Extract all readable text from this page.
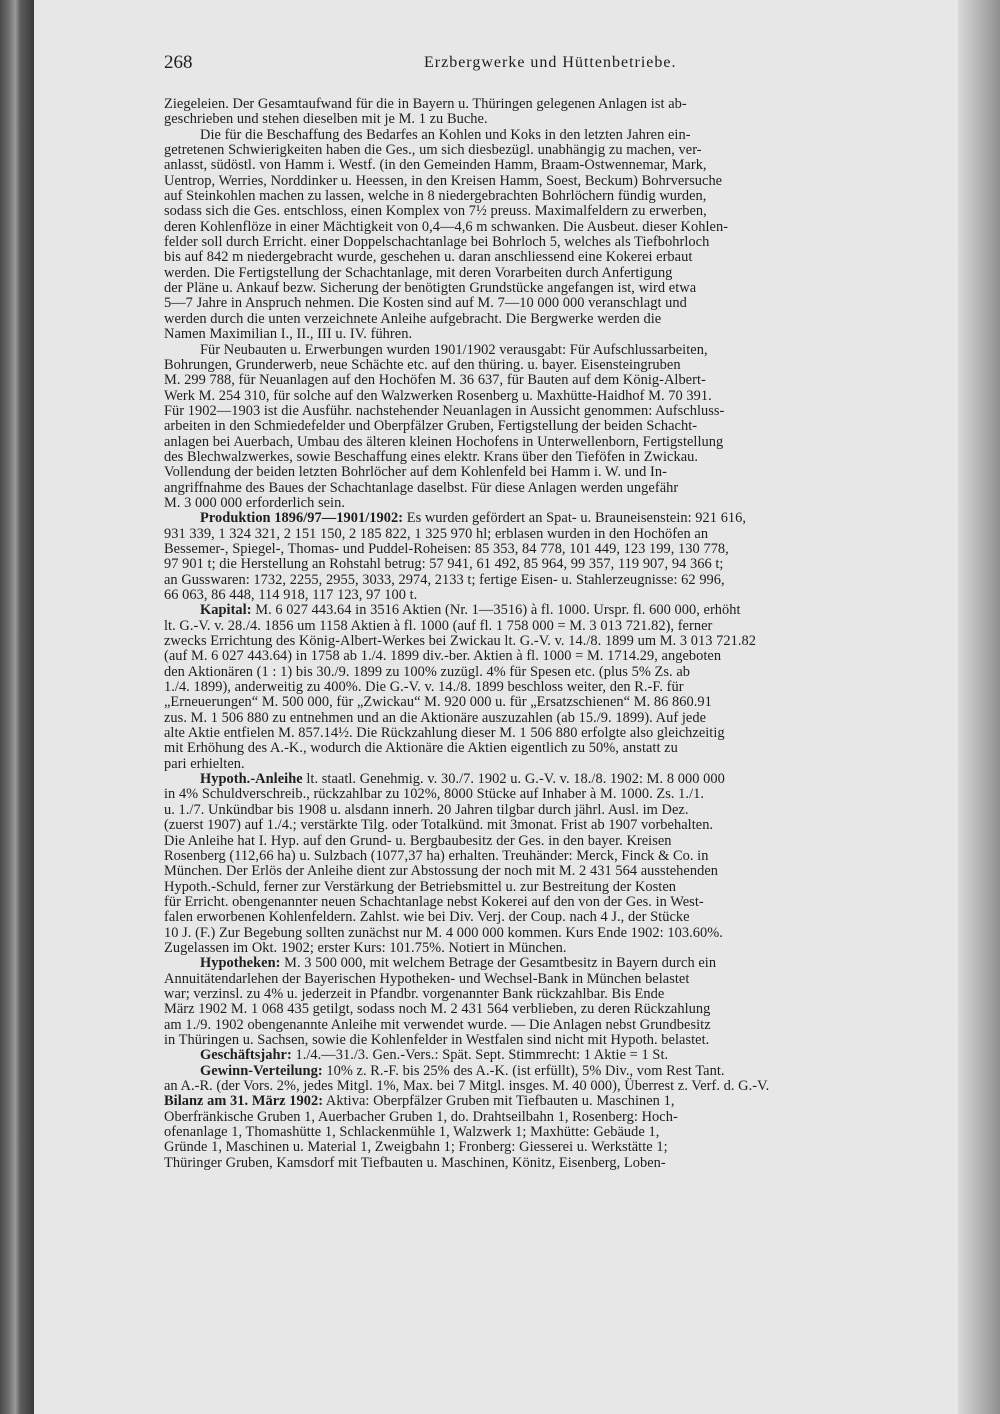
268	Erzbergwerke und Hüttenbetriebe.
Ziegeleien. Der Gesamtaufwand für die in Bayern u. Thüringen gelegenen Anlagen ist ab-
geschrieben und stehen dieselben mit je M. 1 zu Buche.
Die für die Beschaffung des Bedarfes an Kohlen und Koks in den letzten Jahren ein-
getretenen Schwierigkeiten haben die Ges., um sich diesbezügl. unabhängig zu machen, ver-
anlasst, südöstl. von Hamm i. Westf. (in den Gemeinden Hamm, Braam-Ostwennemar, Mark,
Uentrop, Werries, Norddinker u. Heessen, in den Kreisen Hamm, Soest, Beckum) Bohrversuche
auf Steinkohlen machen zu lassen, welche in 8 niedergebrachten Bohrlöchern fündig wurden,
sodass sich die Ges. entschloss, einen Komplex von 7½ preuss. Maximalfeldern zu erwerben,
deren Kohlenflöze in einer Mächtigkeit von 0,4—4,6 m schwanken. Die Ausbeut. dieser Kohlen-
felder soll durch Erricht. einer Doppelschachtanlage bei Bohrloch 5, welches als Tiefbohrloch
bis auf 842 m niedergebracht wurde, geschehen u. daran anschliessend eine Kokerei erbaut
werden. Die Fertigstellung der Schachtanlage, mit deren Vorarbeiten durch Anfertigung
der Pläne u. Ankauf bezw. Sicherung der benötigten Grundstücke angefangen ist, wird etwa
5—7 Jahre in Anspruch nehmen. Die Kosten sind auf M. 7—10 000 000 veranschlagt und
werden durch die unten verzeichnete Anleihe aufgebracht. Die Bergwerke werden die
Namen Maximilian I., II., III u. IV. führen.
Für Neubauten u. Erwerbungen wurden 1901/1902 verausgabt: Für Aufschlussarbeiten,
Bohrungen, Grunderwerb, neue Schächte etc. auf den thüring. u. bayer. Eisensteingruben
M. 299 788, für Neuanlagen auf den Hochöfen M. 36 637, für Bauten auf dem König-Albert-
Werk M. 254 310, für solche auf den Walzwerken Rosenberg u. Maxhütte-Haidhof M. 70 391.
Für 1902—1903 ist die Ausführ. nachstehender Neuanlagen in Aussicht genommen: Aufschluss-
arbeiten in den Schmiedefelder und Oberpfälzer Gruben, Fertigstellung der beiden Schacht-
anlagen bei Auerbach, Umbau des älteren kleinen Hochofens in Unterwellenborn, Fertigstellung
des Blechwalzwerkes, sowie Beschaffung eines elektr. Krans über den Tieföfen in Zwickau.
Vollendung der beiden letzten Bohrlöcher auf dem Kohlenfeld bei Hamm i. W. und In-
angriffnahme des Baues der Schachtanlage daselbst. Für diese Anlagen werden ungefähr
M. 3 000 000 erforderlich sein.
Produktion 1896/97—1901/1902: Es wurden gefördert an Spat- u. Brauneisenstein: 921 616,
931 339, 1 324 321, 2 151 150, 2 185 822, 1 325 970 hl; erblasen wurden in den Hochöfen an
Bessemer-, Spiegel-, Thomas- und Puddel-Roheisen: 85 353, 84 778, 101 449, 123 199, 130 778,
97 901 t; die Herstellung an Rohstahl betrug: 57 941, 61 492, 85 964, 99 357, 119 907, 94 366 t;
an Gusswaren: 1732, 2255, 2955, 3033, 2974, 2133 t; fertige Eisen- u. Stahlerzeugnisse: 62 996,
66 063, 86 448, 114 918, 117 123, 97 100 t.
Kapital: M. 6 027 443.64 in 3516 Aktien (Nr. 1—3516) à fl. 1000. Urspr. fl. 600 000, erhöht
lt. G.-V. v. 28./4. 1856 um 1158 Aktien à fl. 1000 (auf fl. 1 758 000 = M. 3 013 721.82), ferner
zwecks Errichtung des König-Albert-Werkes bei Zwickau lt. G.-V. v. 14./8. 1899 um M. 3 013 721.82
(auf M. 6 027 443.64) in 1758 ab 1./4. 1899 div.-ber. Aktien à fl. 1000 = M. 1714.29, angeboten
den Aktionären (1 : 1) bis 30./9. 1899 zu 100% zuzügl. 4% für Spesen etc. (plus 5% Zs. ab
1./4. 1899), anderweitig zu 400%. Die G.-V. v. 14./8. 1899 beschloss weiter, den R.-F. für
„Erneuerungen“ M. 500 000, für „Zwickau“ M. 920 000 u. für „Ersatzschienen“ M. 86 860.91
zus. M. 1 506 880 zu entnehmen und an die Aktionäre auszuzahlen (ab 15./9. 1899). Auf jede
alte Aktie entfielen M. 857.14½. Die Rückzahlung dieser M. 1 506 880 erfolgte also gleichzeitig
mit Erhöhung des A.-K., wodurch die Aktionäre die Aktien eigentlich zu 50%, anstatt zu
pari erhielten.
Hypoth.-Anleihe lt. staatl. Genehmig. v. 30./7. 1902 u. G.-V. v. 18./8. 1902: M. 8 000 000
in 4% Schuldverschreib., rückzahlbar zu 102%, 8000 Stücke auf Inhaber à M. 1000. Zs. 1./1.
u. 1./7. Unkündbar bis 1908 u. alsdann innerh. 20 Jahren tilgbar durch jährl. Ausl. im Dez.
(zuerst 1907) auf 1./4.; verstärkte Tilg. oder Totalkünd. mit 3monat. Frist ab 1907 vorbehalten.
Die Anleihe hat I. Hyp. auf den Grund- u. Bergbaubesitz der Ges. in den bayer. Kreisen
Rosenberg (112,66 ha) u. Sulzbach (1077,37 ha) erhalten. Treuhänder: Merck, Finck & Co. in
München. Der Erlös der Anleihe dient zur Abstossung der noch mit M. 2 431 564 ausstehenden
Hypoth.-Schuld, ferner zur Verstärkung der Betriebsmittel u. zur Bestreitung der Kosten
für Erricht. obengenannter neuen Schachtanlage nebst Kokerei auf den von der Ges. in West-
falen erworbenen Kohlenfeldern. Zahlst. wie bei Div. Verj. der Coup. nach 4 J., der Stücke
10 J. (F.) Zur Begebung sollten zunächst nur M. 4 000 000 kommen. Kurs Ende 1902: 103.60%.
Zugelassen im Okt. 1902; erster Kurs: 101.75%. Notiert in München.
Hypotheken: M. 3 500 000, mit welchem Betrage der Gesamtbesitz in Bayern durch ein
Annuitätendarlehen der Bayerischen Hypotheken- und Wechsel-Bank in München belastet
war; verzinsl. zu 4% u. jederzeit in Pfandbr. vorgenannter Bank rückzahlbar. Bis Ende
März 1902 M. 1 068 435 getilgt, sodass noch M. 2 431 564 verblieben, zu deren Rückzahlung
am 1./9. 1902 obengenannte Anleihe mit verwendet wurde. — Die Anlagen nebst Grundbesitz
in Thüringen u. Sachsen, sowie die Kohlenfelder in Westfalen sind nicht mit Hypoth. belastet.
Geschäftsjahr: 1./4.—31./3. Gen.-Vers.: Spät. Sept. Stimmrecht: 1 Aktie = 1 St.
Gewinn-Verteilung: 10% z. R.-F. bis 25% des A.-K. (ist erfüllt), 5% Div., vom Rest Tant.
an A.-R. (der Vors. 2%, jedes Mitgl. 1%, Max. bei 7 Mitgl. insges. M. 40 000), Überrest z. Verf. d. G.-V.
Bilanz am 31. März 1902: Aktiva: Oberpfälzer Gruben mit Tiefbauten u. Maschinen 1,
Oberfränkische Gruben 1, Auerbacher Gruben 1, do. Drahtseilbahn 1, Rosenberg: Hoch-
ofenanlage 1, Thomashütte 1, Schlackenmühle 1, Walzwerk 1; Maxhütte: Gebäude 1,
Gründe 1, Maschinen u. Material 1, Zweigbahn 1; Fronberg: Giesserei u. Werkstätte 1;
Thüringer Gruben, Kamsdorf mit Tiefbauten u. Maschinen, Könitz, Eisenberg, Loben-
